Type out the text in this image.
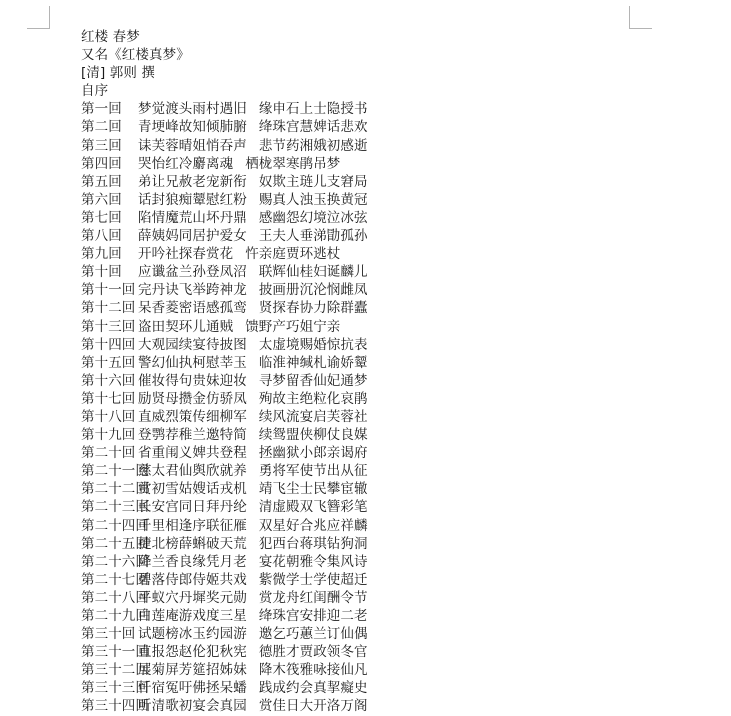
红楼 春梦
又名《红楼真梦》
[清] 郭则 撰
自序
第一回 梦觉渡头雨村遇旧 缘申石上士隐授书
第二回 青埂峰故知倾肺腑 绛珠宫慧婢话悲欢
第三回 诔芙蓉晴姐悄吞声 悲节药湘娥初感逝
第四回 哭怡红冷麝离魂 栖栊翠寒鹃吊梦
第五回 弟让兄赦老宠新衔 奴欺主琏儿支窘局
第六回 话封狼痴颦慰红粉 赐真人浊玉换黄冠
第七回 陷情魔荒山坏丹鼎 感幽怨幻境泣冰弦
第八回 薛姨妈同居护爱女 王夫人垂涕勖孤孙
第九回 开吟社探春赏花 忤亲庭贾环逃杖
第十回 应谶盆兰孙登凤沼 联辉仙桂妇诞麟儿
第十一回 完丹诀飞举跨神龙 披画册沉沦悯雌凤
第十二回 呆香菱密语感孤鸾 贤探春协力除群蠹
第十三回 盗田契环儿通贼 馈野产巧姐宁亲
第十四回 大观园续宴待披图 太虚境赐婚惊抗表
第十五回 警幻仙执柯慰莘玉 临淮神缄札谕娇颦
第十六回 催妆得句贵妹迎妆 寻梦留香仙妃通梦
第十七回 励贤母攒金仿骄凤 殉故主绝粒化哀鹃
第十八回 直威烈策传细柳军 续风流宴启芙蓉社
第十九回 登鹗荐稚兰邀特简 续鸳盟侠柳仗良媒
第二十回 省重闱义婢共登程 拯幽狱小郎亲谒府
第二十一回慈太君仙舆欣就养 勇将军使节出从征
第二十二回赏初雪姑嫂话戎机 靖飞尘士民攀宦辙
第二十三回长安宫同日拜丹纶 清虚殿双飞簪彩笔
第二十四回千里相逢序联征雁 双星好合兆应祥麟
第二十五回捷北榜薛蝌破天荒 犯西台蒋琪钻狗洞
第二十六回降兰香良缘凭月老 宴花朝雅令集风诗
第二十七回碧落侍郎侍姬共戏 紫微学士学使超迁
第二十八回平蚁穴丹墀奖元勋 赏龙舟红闺酬令节
第二十九回白莲庵游戏度三星 绛珠宫安排迎二老
第三十回 试题榜冰玉约园游 邀乞巧蕙兰订仙偶
第三十一回直报怨赵伦犯秋宪 德胜才贾政领冬官
第三十二回展菊屏芳筵招姊妹 降木筏雅咏接仙凡
第三十三回忏宿冤吁佛拯呆蟠 践成约会真挈癡史
第三十四回听清歌初宴会真园 赏佳日大开洛万阁
